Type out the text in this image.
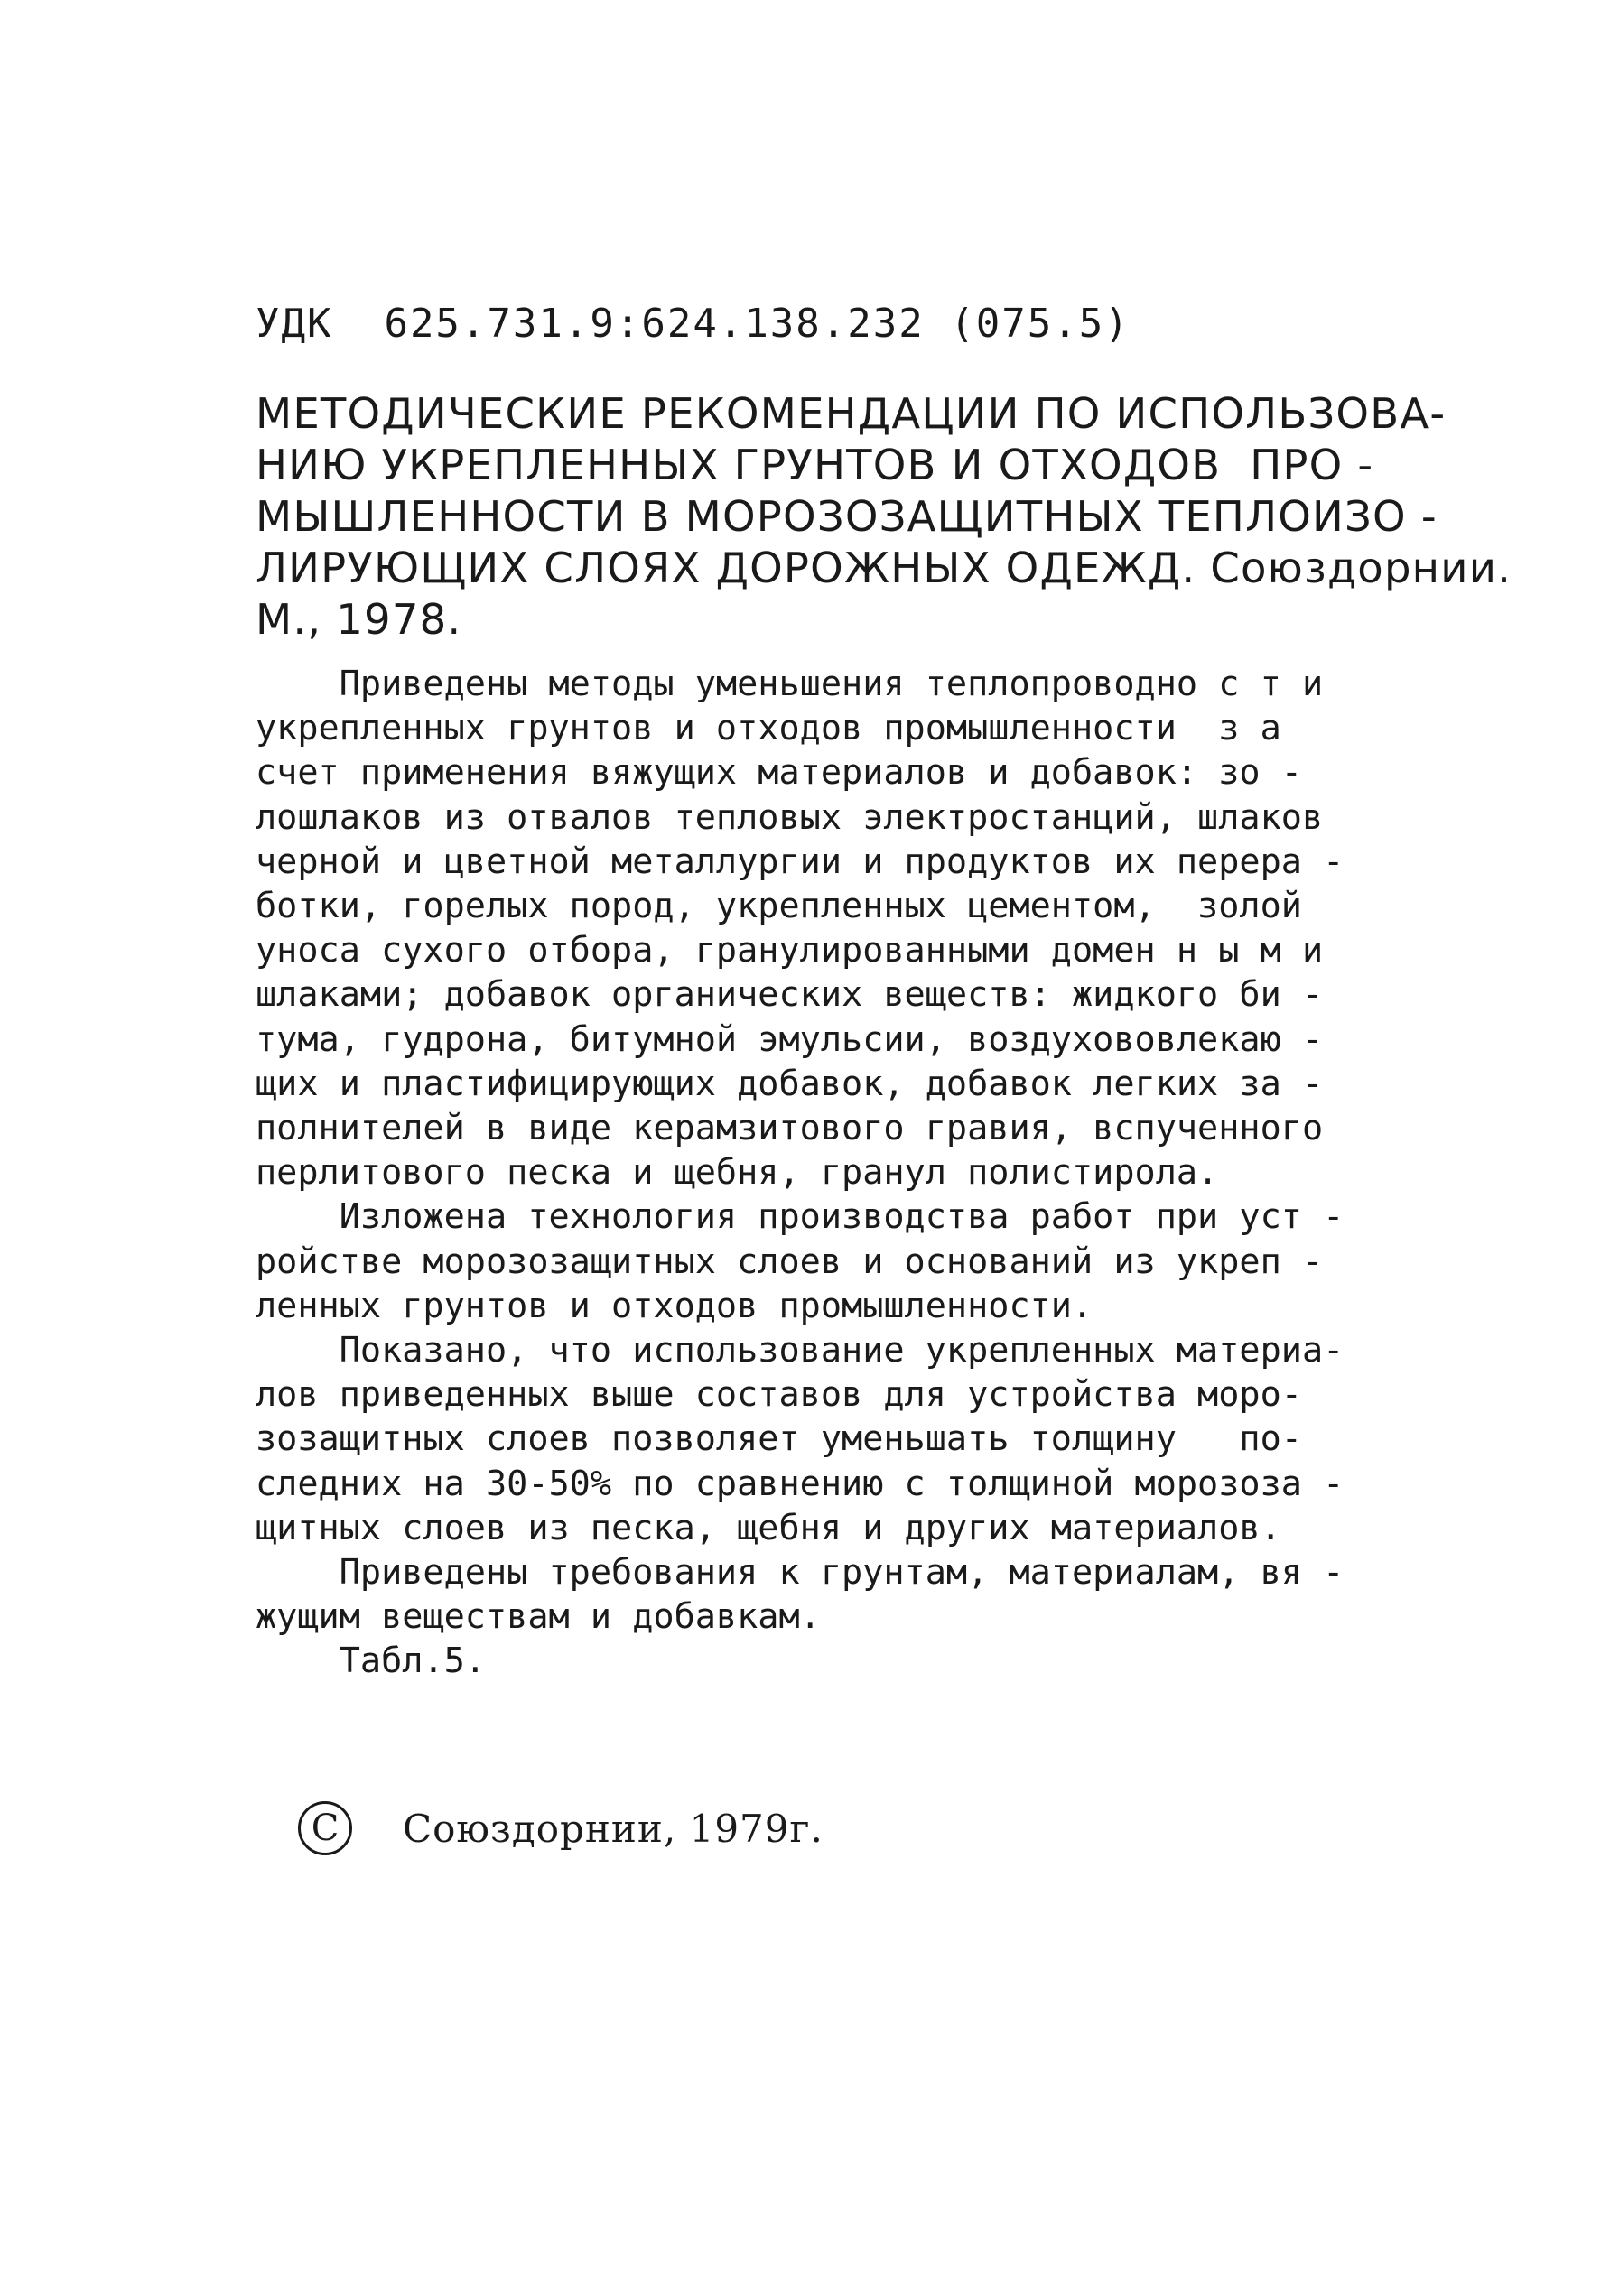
УДК  625.731.9:624.138.232 (075.5)
МЕТОДИЧЕСКИЕ РЕКОМЕНДАЦИИ ПО ИСПОЛЬЗОВА-
НИЮ УКРЕПЛЕННЫХ ГРУНТОВ И ОТХОДОВ  ПРО -
МЫШЛЕННОСТИ В МОРОЗОЗАЩИТНЫХ ТЕПЛОИЗО -
ЛИРУЮЩИХ СЛОЯХ ДОРОЖНЫХ ОДЕЖД. Союздорнии.
М., 1978.
Приведены методы уменьшения теплопроводно с т и
укрепленных грунтов и отходов промышленности  з а
счет применения вяжущих материалов и добавок: зо -
лошлаков из отвалов тепловых электростанций, шлаков
черной и цветной металлургии и продуктов их перера -
ботки, горелых пород, укрепленных цементом,  золой
уноса сухого отбора, гранулированными домен н ы м и
шлаками; добавок органических веществ: жидкого би -
тума, гудрона, битумной эмульсии, воздухововлекаю -
щих и пластифицирующих добавок, добавок легких за -
полнителей в виде керамзитового гравия, вспученного
перлитового песка и щебня, гранул полистирола.
Изложена технология производства работ при уст -
ройстве морозозащитных слоев и оснований из укреп -
ленных грунтов и отходов промышленности.
Показано, что использование укрепленных материа-
лов приведенных выше составов для устройства моро-
зозащитных слоев позволяет уменьшать толщину   по-
следних на 30-50% по сравнению с толщиной морозоза -
щитных слоев из песка, щебня и других материалов.
Приведены требования к грунтам, материалам, вя -
жущим веществам и добавкам.
Табл.5.
C	Союздорнии, 1979г.
